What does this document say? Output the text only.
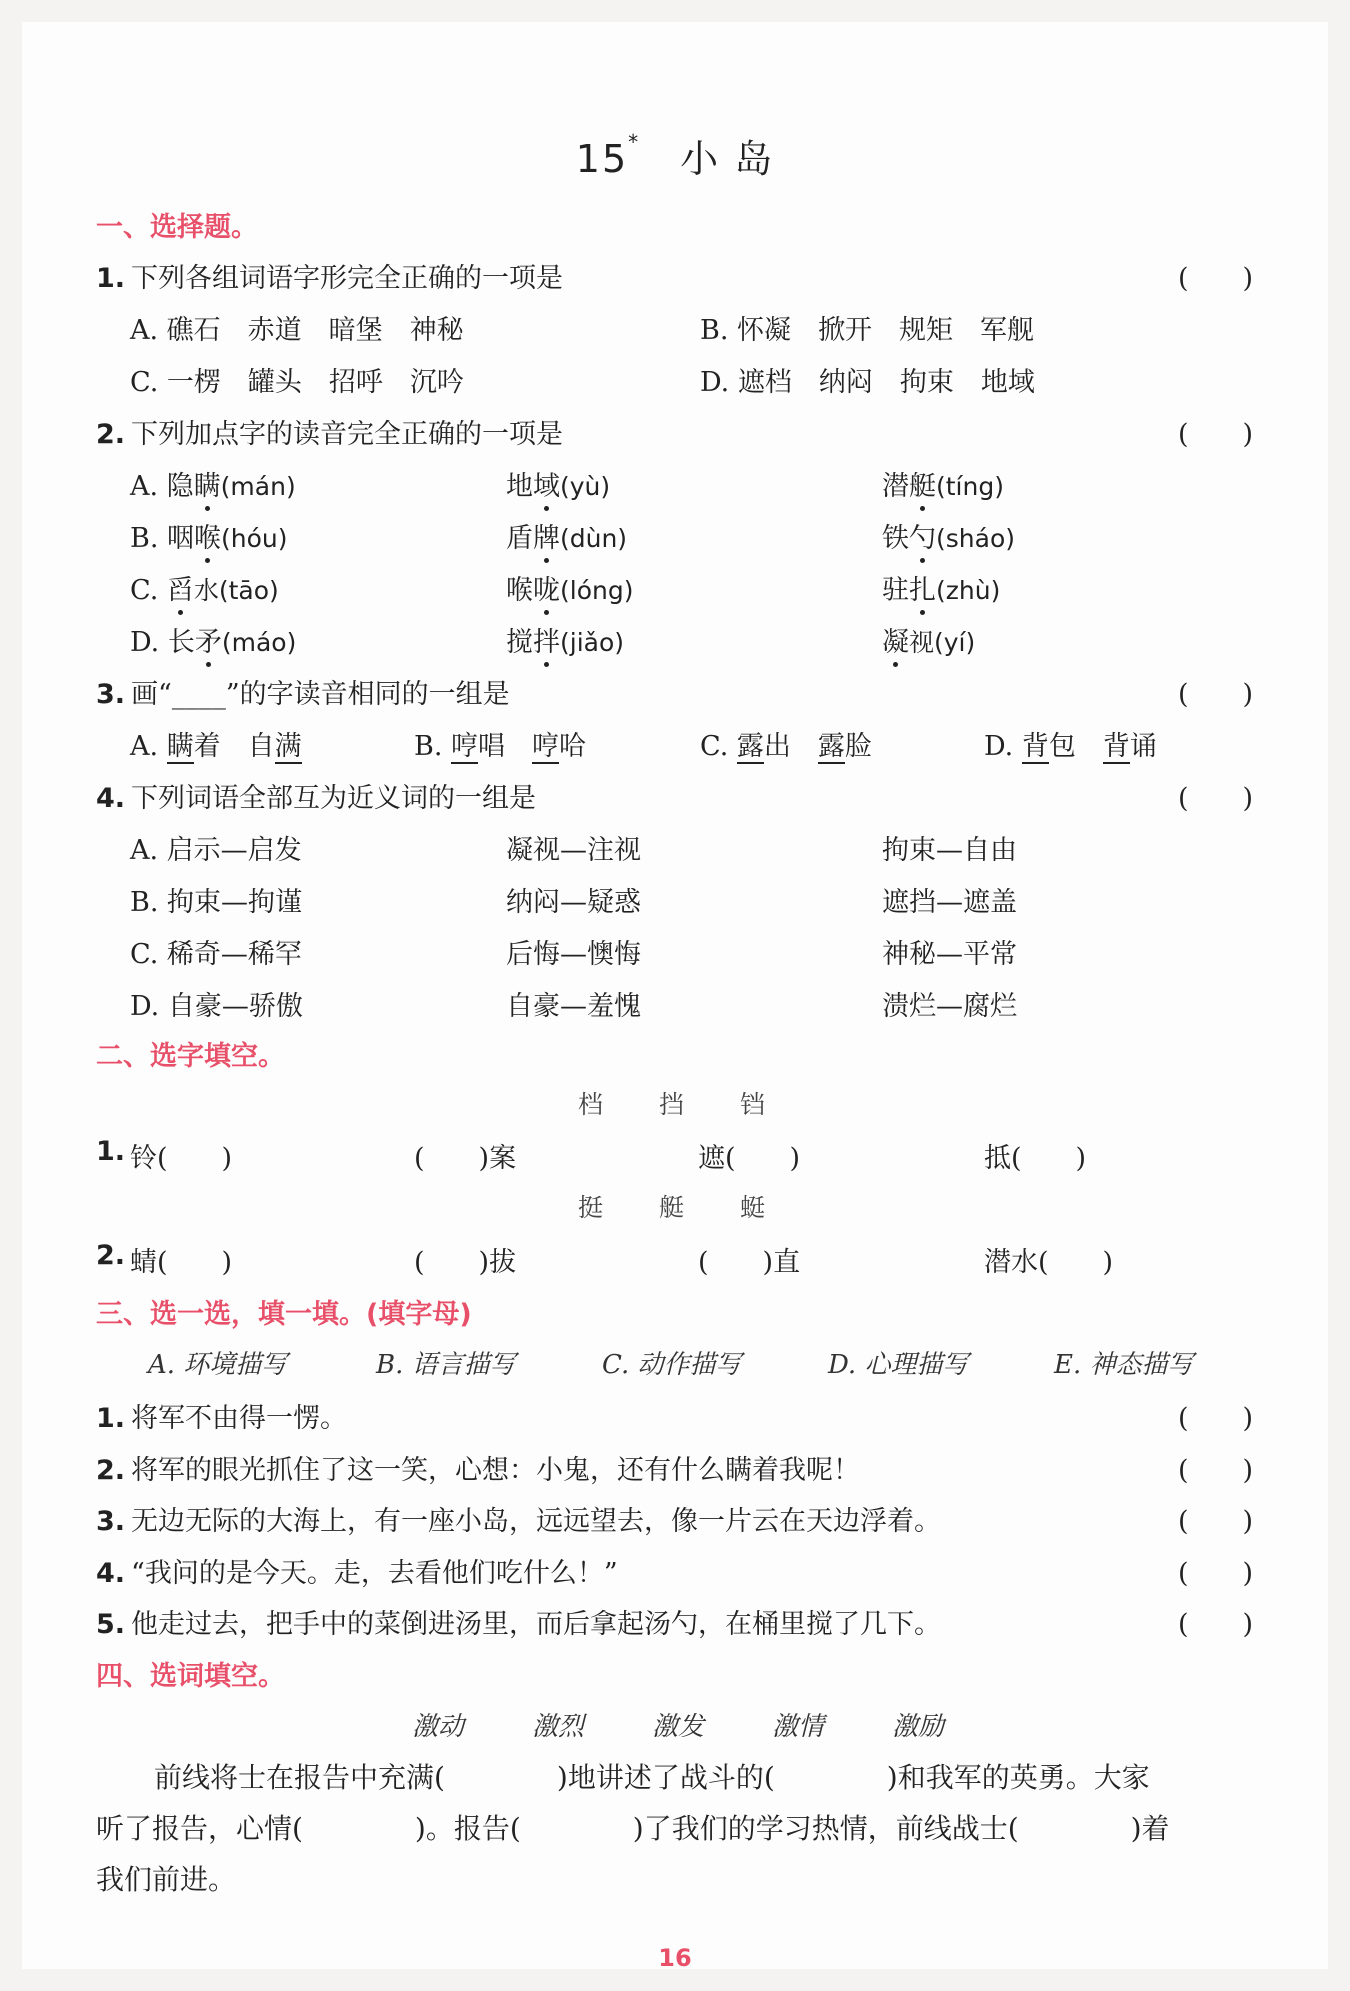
15*　 小 岛
一、选择题。
1. 下列各组词语字形完全正确的一项是	(　　)
A. 礁石　赤道　暗堡　神秘	B. 怀凝　掀开　规矩　军舰
C. 一楞　罐头　招呼　沉吟	D. 遮档　纳闷　拘束　地域
2. 下列加点字的读音完全正确的一项是	(　　)
A. 隐瞒(mán)	地域(yù)	潜艇(tíng)
B. 咽喉(hóu)	盾牌(dùn)	铁勺(sháo)
C. 舀水(tāo)	喉咙(lóng)	驻扎(zhù)
D. 长矛(máo)	搅拌(jiǎo)	凝视(yí)
3. 画“____”的字读音相同的一组是	(　　)
A. 瞒着　自满	B. 哼唱　哼哈	C. 露出　露脸	D. 背包　背诵
4. 下列词语全部互为近义词的一组是	(　　)
A. 启示—启发	凝视—注视	拘束—自由
B. 拘束—拘谨	纳闷—疑惑	遮挡—遮盖
C. 稀奇—稀罕	后悔—懊悔	神秘—平常
D. 自豪—骄傲	自豪—羞愧	溃烂—腐烂
二、选字填空。
档　　挡　　铛
1. 铃(　　)	(　　)案	遮(　　)	抵(　　)
挺　　艇　　蜓
2. 蜻(　　)	(　　)拔	(　　)直	潜水(　　)
三、选一选，填一填。(填字母)
A. 环境描写	B. 语言描写	C. 动作描写	D. 心理描写	E. 神态描写
1. 将军不由得一愣。	(　　)
2. 将军的眼光抓住了这一笑，心想：小鬼，还有什么瞒着我呢！	(　　)
3. 无边无际的大海上，有一座小岛，远远望去，像一片云在天边浮着。	(　　)
4. “我问的是今天。走，去看他们吃什么！”	(　　)
5. 他走过去，把手中的菜倒进汤里，而后拿起汤勺，在桶里搅了几下。	(　　)
四、选词填空。
激动	激烈	激发	激情	激励
前线将士在报告中充满(　　　　)地讲述了战斗的(　　　　)和我军的英勇。大家
听了报告，心情(　　　　)。报告(　　　　)了我们的学习热情，前线战士(　　　　)着
我们前进。
16
